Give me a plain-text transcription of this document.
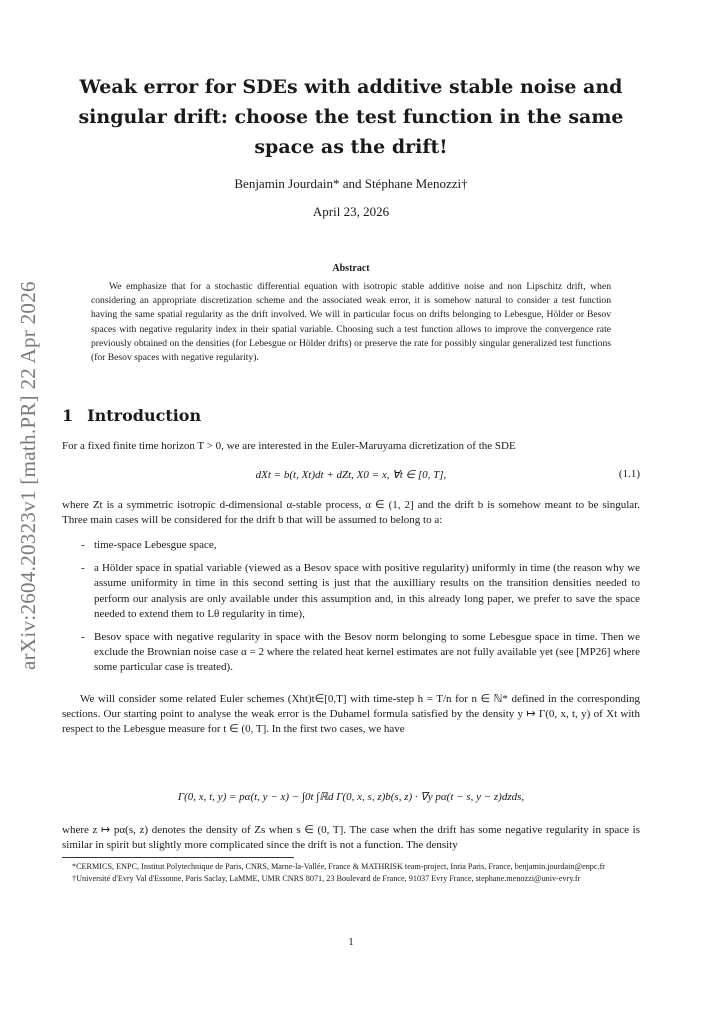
arXiv:2604.20323v1 [math.PR] 22 Apr 2026
Weak error for SDEs with additive stable noise and singular drift: choose the test function in the same space as the drift!
Benjamin Jourdain* and Stéphane Menozzi†
April 23, 2026
Abstract
We emphasize that for a stochastic differential equation with isotropic stable additive noise and non Lipschitz drift, when considering an appropriate discretization scheme and the associated weak error, it is somehow natural to consider a test function having the same spatial regularity as the drift involved. We will in particular focus on drifts belonging to Lebesgue, Hölder or Besov spaces with negative regularity index in their spatial variable. Choosing such a test function allows to improve the convergence rate previously obtained on the densities (for Lebesgue or Hölder drifts) or preserve the rate for possibly singular generalized test functions (for Besov spaces with negative regularity).
1 Introduction
For a fixed finite time horizon T > 0, we are interested in the Euler-Maruyama dicretization of the SDE
dXt = b(t, Xt)dt + dZt, X0 = x, ∀t ∈ [0, T],	(1.1)
where Zt is a symmetric isotropic d-dimensional α-stable process, α ∈ (1, 2] and the drift b is somehow meant to be singular. Three main cases will be considered for the drift b that will be assumed to belong to a:
- time-space Lebesgue space,
- a Hölder space in spatial variable (viewed as a Besov space with positive regularity) uniformly in time (the reason why we assume uniformity in time in this second setting is just that the auxilliary results on the transition densities needed to perform our analysis are only available under this assumption and, in this already long paper, we prefer to save the space needed to extend them to Lθ regularity in time),
- Besov space with negative regularity in space with the Besov norm belonging to some Lebesgue space in time. Then we exclude the Brownian noise case α = 2 where the related heat kernel estimates are not fully available yet (see [MP26] where some particular case is treated).
We will consider some related Euler schemes (Xht)t∈[0,T] with time-step h = T/n for n ∈ ℕ* defined in the corresponding sections. Our starting point to analyse the weak error is the Duhamel formula satisfied by the density y ↦ Γ(0, x, t, y) of Xt with respect to the Lebesgue measure for t ∈ (0, T]. In the first two cases, we have
Γ(0, x, t, y) = pα(t, y − x) − ∫0t ∫ℝd Γ(0, x, s, z)b(s, z) · ∇y pα(t − s, y − z)dzds,
where z ↦ pα(s, z) denotes the density of Zs when s ∈ (0, T]. The case when the drift has some negative regularity in space is similar in spirit but slightly more complicated since the drift is not a function. The density

*CERMICS, ENPC, Institut Polytechnique de Paris, CNRS, Marne-la-Vallée, France & MATHRISK team-project, Inria Paris, France, benjamin.jourdain@enpc.fr

†Université d'Evry Val d'Essonne, Paris Saclay, LaMME, UMR CNRS 8071, 23 Boulevard de France, 91037 Evry France, stephane.menozzi@univ-evry.fr

1
